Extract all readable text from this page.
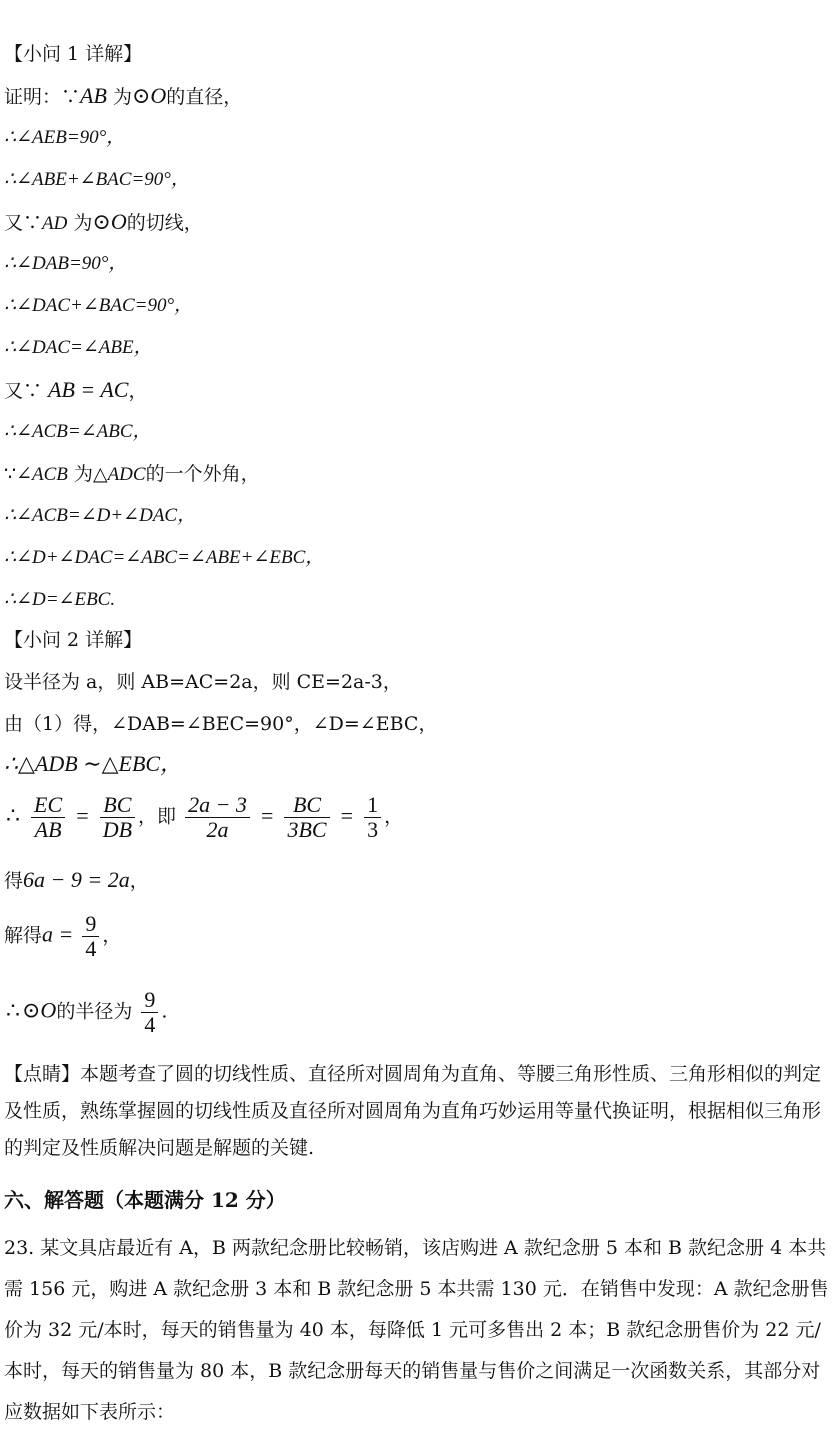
【小问 1 详解】
证明：∵AB 为⊙O的直径，
∴∠AEB=90°，
∴∠ABE+∠BAC=90°，
又∵AD 为⊙O的切线，
∴∠DAB=90°，
∴∠DAC+∠BAC=90°，
∴∠DAC=∠ABE，
又∵ AB = AC，
∴∠ACB=∠ABC，
∵∠ACB 为△ADC的一个外角，
∴∠ACB=∠D+∠DAC，
∴∠D+∠DAC=∠ABC=∠ABE+∠EBC，
∴∠D=∠EBC.
【小问 2 详解】
设半径为 a，则 AB=AC=2a，则 CE=2a-3，
由（1）得，∠DAB=∠BEC=90°，∠D=∠EBC，
∴△ADB ∼△EBC，
∴ $\frac{EC}{AB} = \frac{BC}{DB}$ ，即 $\frac{2a - 3}{2a} = \frac{BC}{3BC} = \frac{1}{3}$ ，
得6a − 9 = 2a，
解得$a = \frac{9}{4}$ ，
∴⊙O的半径为 $\frac{9}{4}$ .
【点睛】本题考查了圆的切线性质、直径所对圆周角为直角、等腰三角形性质、三角形相似的判定及性质，熟练掌握圆的切线性质及直径所对圆周角为直角巧妙运用等量代换证明，根据相似三角形的判定及性质解决问题是解题的关键.
六、解答题（本题满分 12 分）
23. 某文具店最近有 A，B 两款纪念册比较畅销，该店购进 A 款纪念册 5 本和 B 款纪念册 4 本共需 156 元，购进 A 款纪念册 3 本和 B 款纪念册 5 本共需 130 元．在销售中发现：A 款纪念册售价为 32 元/本时，每天的销售量为 40 本，每降低 1 元可多售出 2 本；B 款纪念册售价为 22 元/本时，每天的销售量为 80 本，B 款纪念册每天的销售量与售价之间满足一次函数关系，其部分对应数据如下表所示：
